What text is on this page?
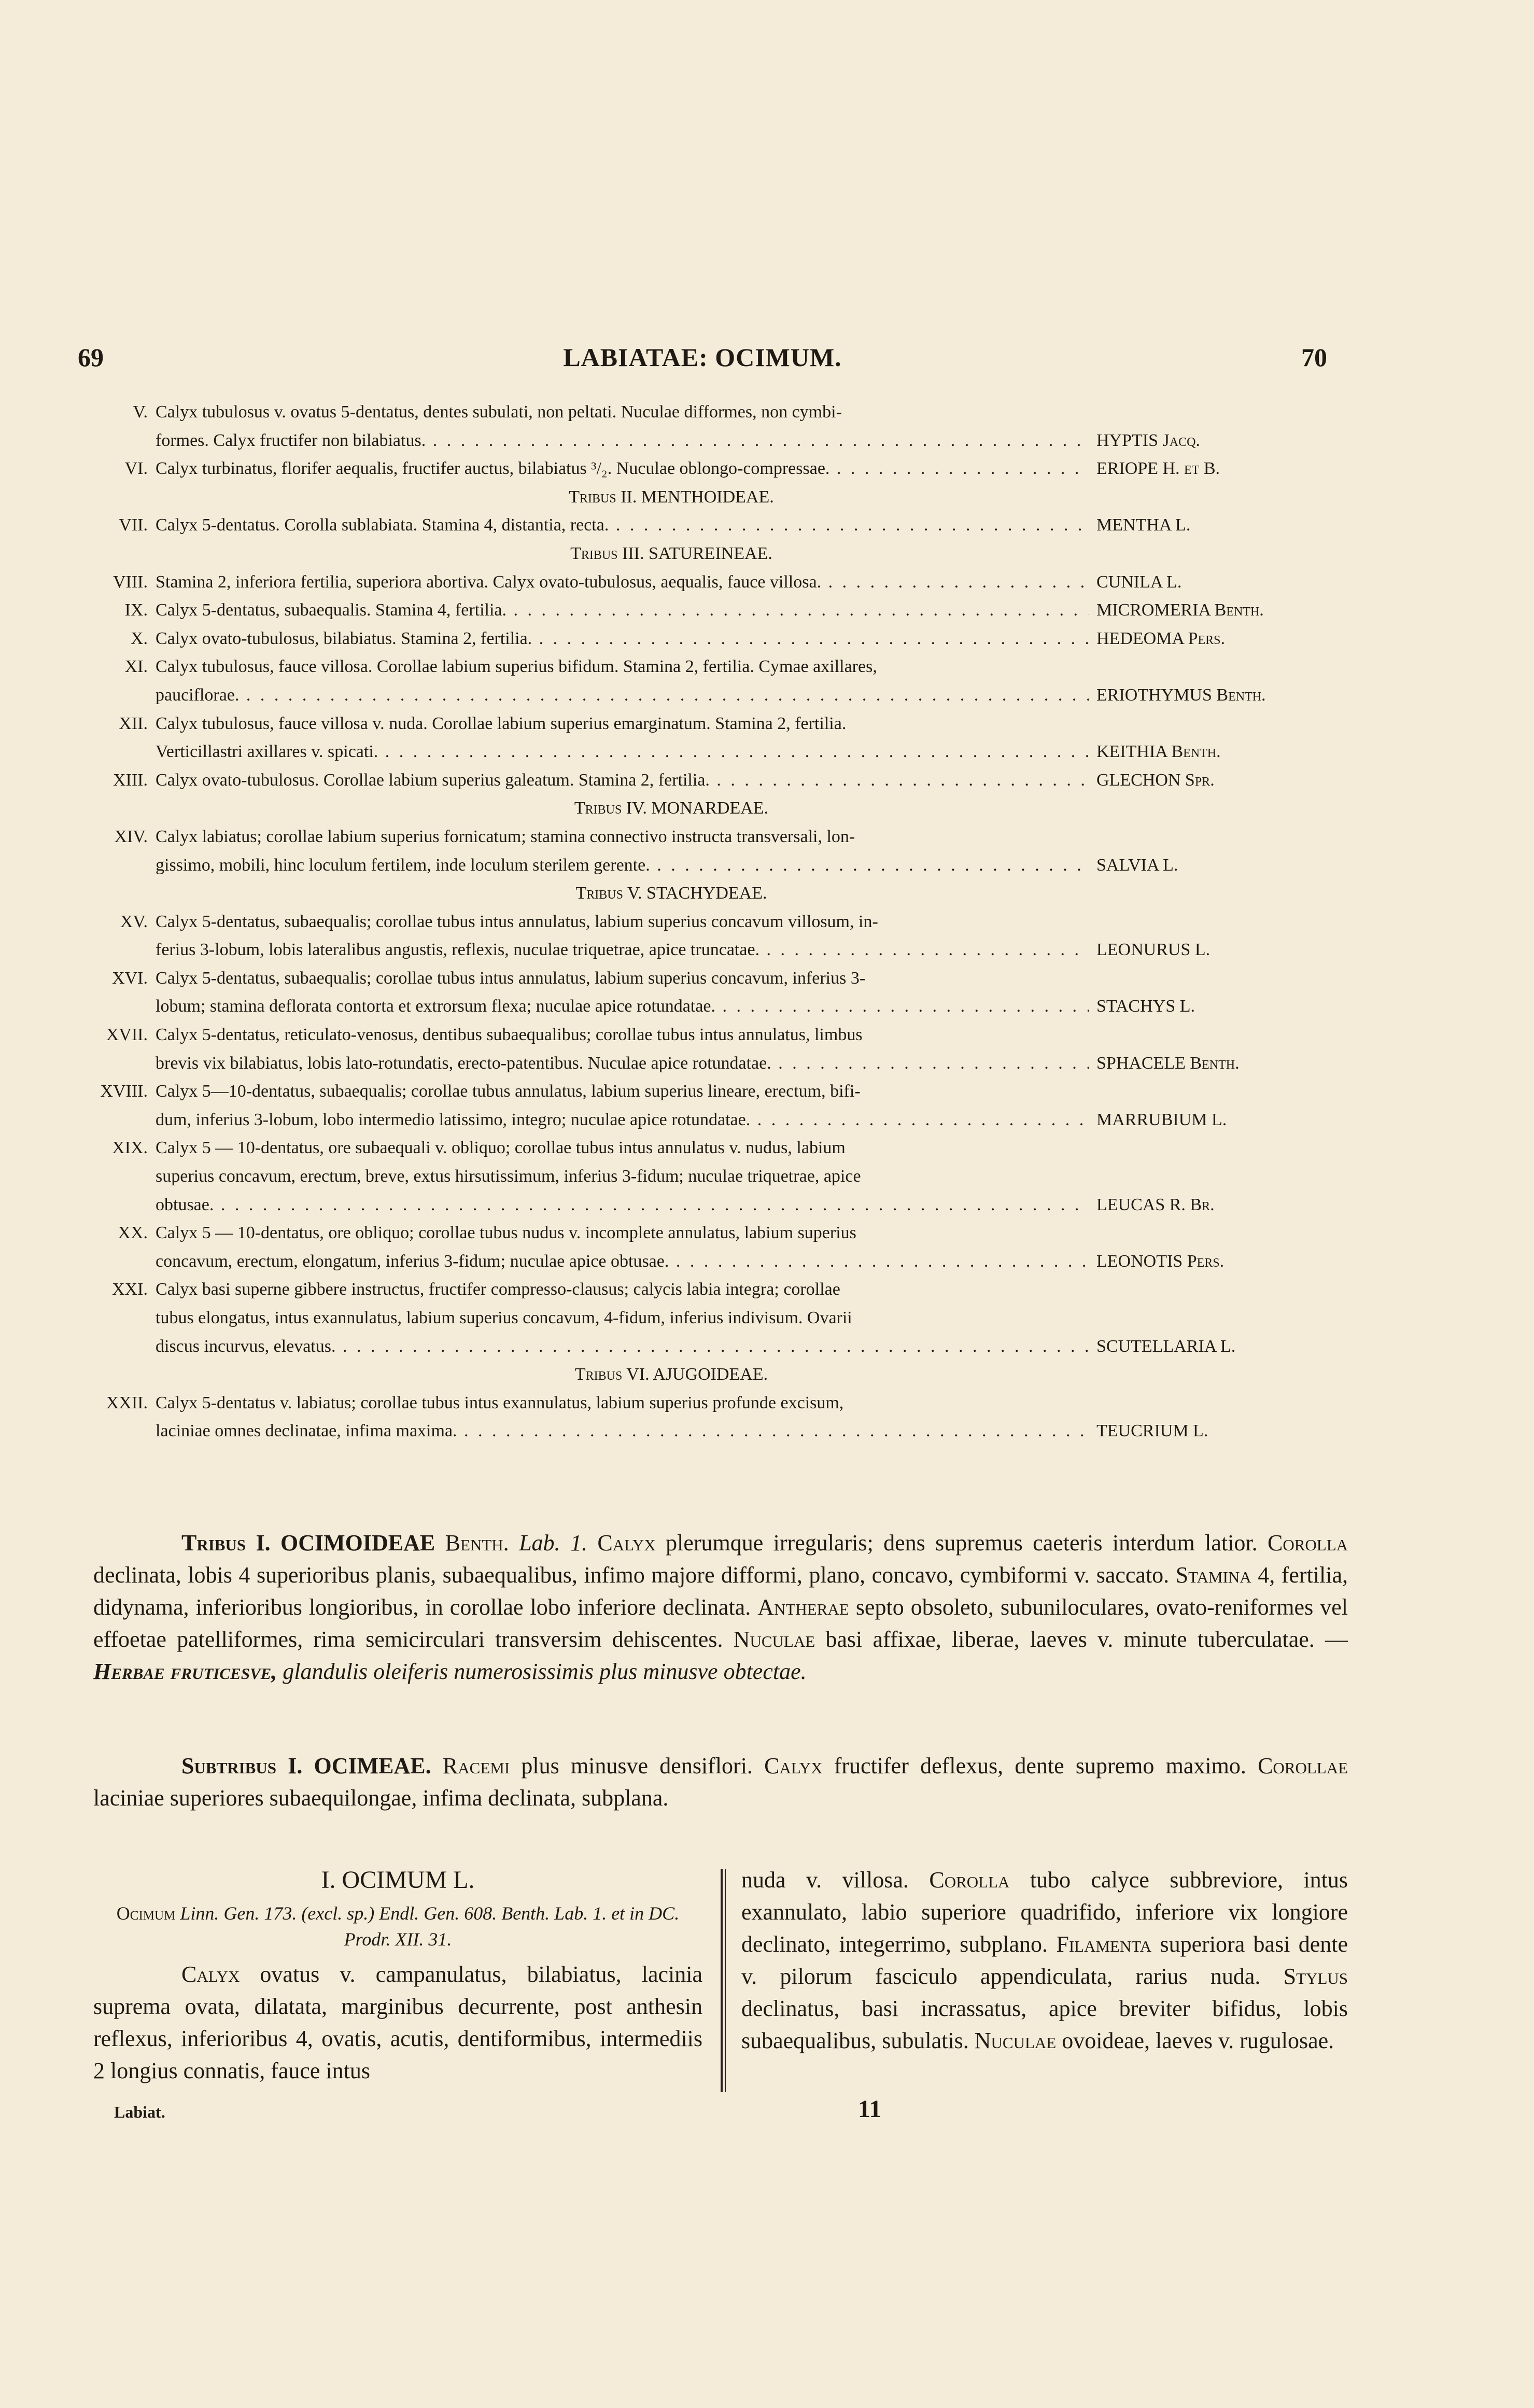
69	LABIATAE: OCIMUM.	70
V. Calyx tubulosus v. ovatus 5-dentatus, dentes subulati, non peltati. Nuculae difformes, non cymbi-
formes. Calyx fructifer non bilabiatus. . . .	HYPTIS Jacq.
VI. Calyx turbinatus, florifer aequalis, fructifer auctus, bilabiatus ³/₂. Nuculae oblongo-compressae. . . .	ERIOPE H. et B.
Tribus II. MENTHOIDEAE.
VII. Calyx 5-dentatus. Corolla sublabiata. Stamina 4, distantia, recta. . . .	MENTHA L.
Tribus III. SATUREINEAE.
VIII. Stamina 2, inferiora fertilia, superiora abortiva. Calyx ovato-tubulosus, aequalis, fauce villosa. . . .	CUNILA L.
IX. Calyx 5-dentatus, subaequalis. Stamina 4, fertilia. . . .	MICROMERIA Benth.
X. Calyx ovato-tubulosus, bilabiatus. Stamina 2, fertilia. . . .	HEDEOMA Pers.
XI. Calyx tubulosus, fauce villosa. Corollae labium superius bifidum. Stamina 2, fertilia. Cymae axillares,
pauciflorae. . . .	ERIOTHYMUS Benth.
XII. Calyx tubulosus, fauce villosa v. nuda. Corollae labium superius emarginatum. Stamina 2, fertilia.
Verticillastri axillares v. spicati. . . .	KEITHIA Benth.
XIII. Calyx ovato-tubulosus. Corollae labium superius galeatum. Stamina 2, fertilia. . . .	GLECHON Spr.
Tribus IV. MONARDEAE.
XIV. Calyx labiatus; corollae labium superius fornicatum; stamina connectivo instructa transversali, lon-
gissimo, mobili, hinc loculum fertilem, inde loculum sterilem gerente. . . .	SALVIA L.
Tribus V. STACHYDEAE.
XV. Calyx 5-dentatus, subaequalis; corollae tubus intus annulatus, labium superius concavum villosum, in-
ferius 3-lobum, lobis lateralibus angustis, reflexis, nuculae triquetrae, apice truncatae. . . .	LEONURUS L.
XVI. Calyx 5-dentatus, subaequalis; corollae tubus intus annulatus, labium superius concavum, inferius 3-
lobum; stamina deflorata contorta et extrorsum flexa; nuculae apice rotundatae. . . .	STACHYS L.
XVII. Calyx 5-dentatus, reticulato-venosus, dentibus subaequalibus; corollae tubus intus annulatus, limbus
brevis vix bilabiatus, lobis lato-rotundatis, erecto-patentibus. Nuculae apice rotundatae. . . .	SPHACELE Benth.
XVIII. Calyx 5—10-dentatus, subaequalis; corollae tubus annulatus, labium superius lineare, erectum, bifi-
dum, inferius 3-lobum, lobo intermedio latissimo, integro; nuculae apice rotundatae. . . .	MARRUBIUM L.
XIX. Calyx 5 — 10-dentatus, ore subaequali v. obliquo; corollae tubus intus annulatus v. nudus, labium
superius concavum, erectum, breve, extus hirsutissimum, inferius 3-fidum; nuculae triquetrae, apice
obtusae. . . .	LEUCAS R. Br.
XX. Calyx 5 — 10-dentatus, ore obliquo; corollae tubus nudus v. incomplete annulatus, labium superius
concavum, erectum, elongatum, inferius 3-fidum; nuculae apice obtusae. . . .	LEONOTIS Pers.
XXI. Calyx basi superne gibbere instructus, fructifer compresso-clausus; calycis labia integra; corollae
tubus elongatus, intus exannulatus, labium superius concavum, 4-fidum, inferius indivisum. Ovarii
discus incurvus, elevatus. . . .	SCUTELLARIA L.
Tribus VI. AJUGOIDEAE.
XXII. Calyx 5-dentatus v. labiatus; corollae tubus intus exannulatus, labium superius profunde excisum,
laciniae omnes declinatae, infima maxima. . . .	TEUCRIUM L.
Tribus I. OCIMOIDEAE Benth. Lab. 1. Calyx plerumque irregularis; dens supremus caeteris interdum latior. Corolla declinata, lobis 4 superioribus planis, subaequalibus, infimo majore difformi, plano, concavo, cymbiformi v. saccato. Stamina 4, fertilia, didynama, inferioribus longioribus, in corollae lobo inferiore declinata. Antherae septo obsoleto, subuniloculares, ovato-reniformes vel effoetae patelliformes, rima semicirculari transversim dehiscentes. Nuculae basi affixae, liberae, laeves v. minute tuberculatae. — Herbae fruticesve, glandulis oleiferis numerosissimis plus minusve obtectae.
Subtribus I. OCIMEAE. Racemi plus minusve densiflori. Calyx fructifer deflexus, dente supremo maximo. Corollae laciniae superiores subaequilongae, infima declinata, subplana.
I. OCIMUM L.
Ocimum Linn. Gen. 173. (excl. sp.) Endl. Gen. 608. Benth. Lab. 1. et in DC. Prodr. XII. 31.
Calyx ovatus v. campanulatus, bilabiatus, lacinia suprema ovata, dilatata, marginibus decurrente, post anthesin reflexus, inferioribus 4, ovatis, acutis, dentiformibus, intermediis 2 longius connatis, fauce intus
nuda v. villosa. Corolla tubo calyce subbreviore, intus exannulato, labio superiore quadrifido, inferiore vix longiore declinato, integerrimo, subplano. Filamenta superiora basi dente v. pilorum fasciculo appendiculata, rarius nuda. Stylus declinatus, basi incrassatus, apice breviter bifidus, lobis subaequalibus, subulatis. Nuculae ovoideae, laeves v. rugulosae.
Labiat.	11
